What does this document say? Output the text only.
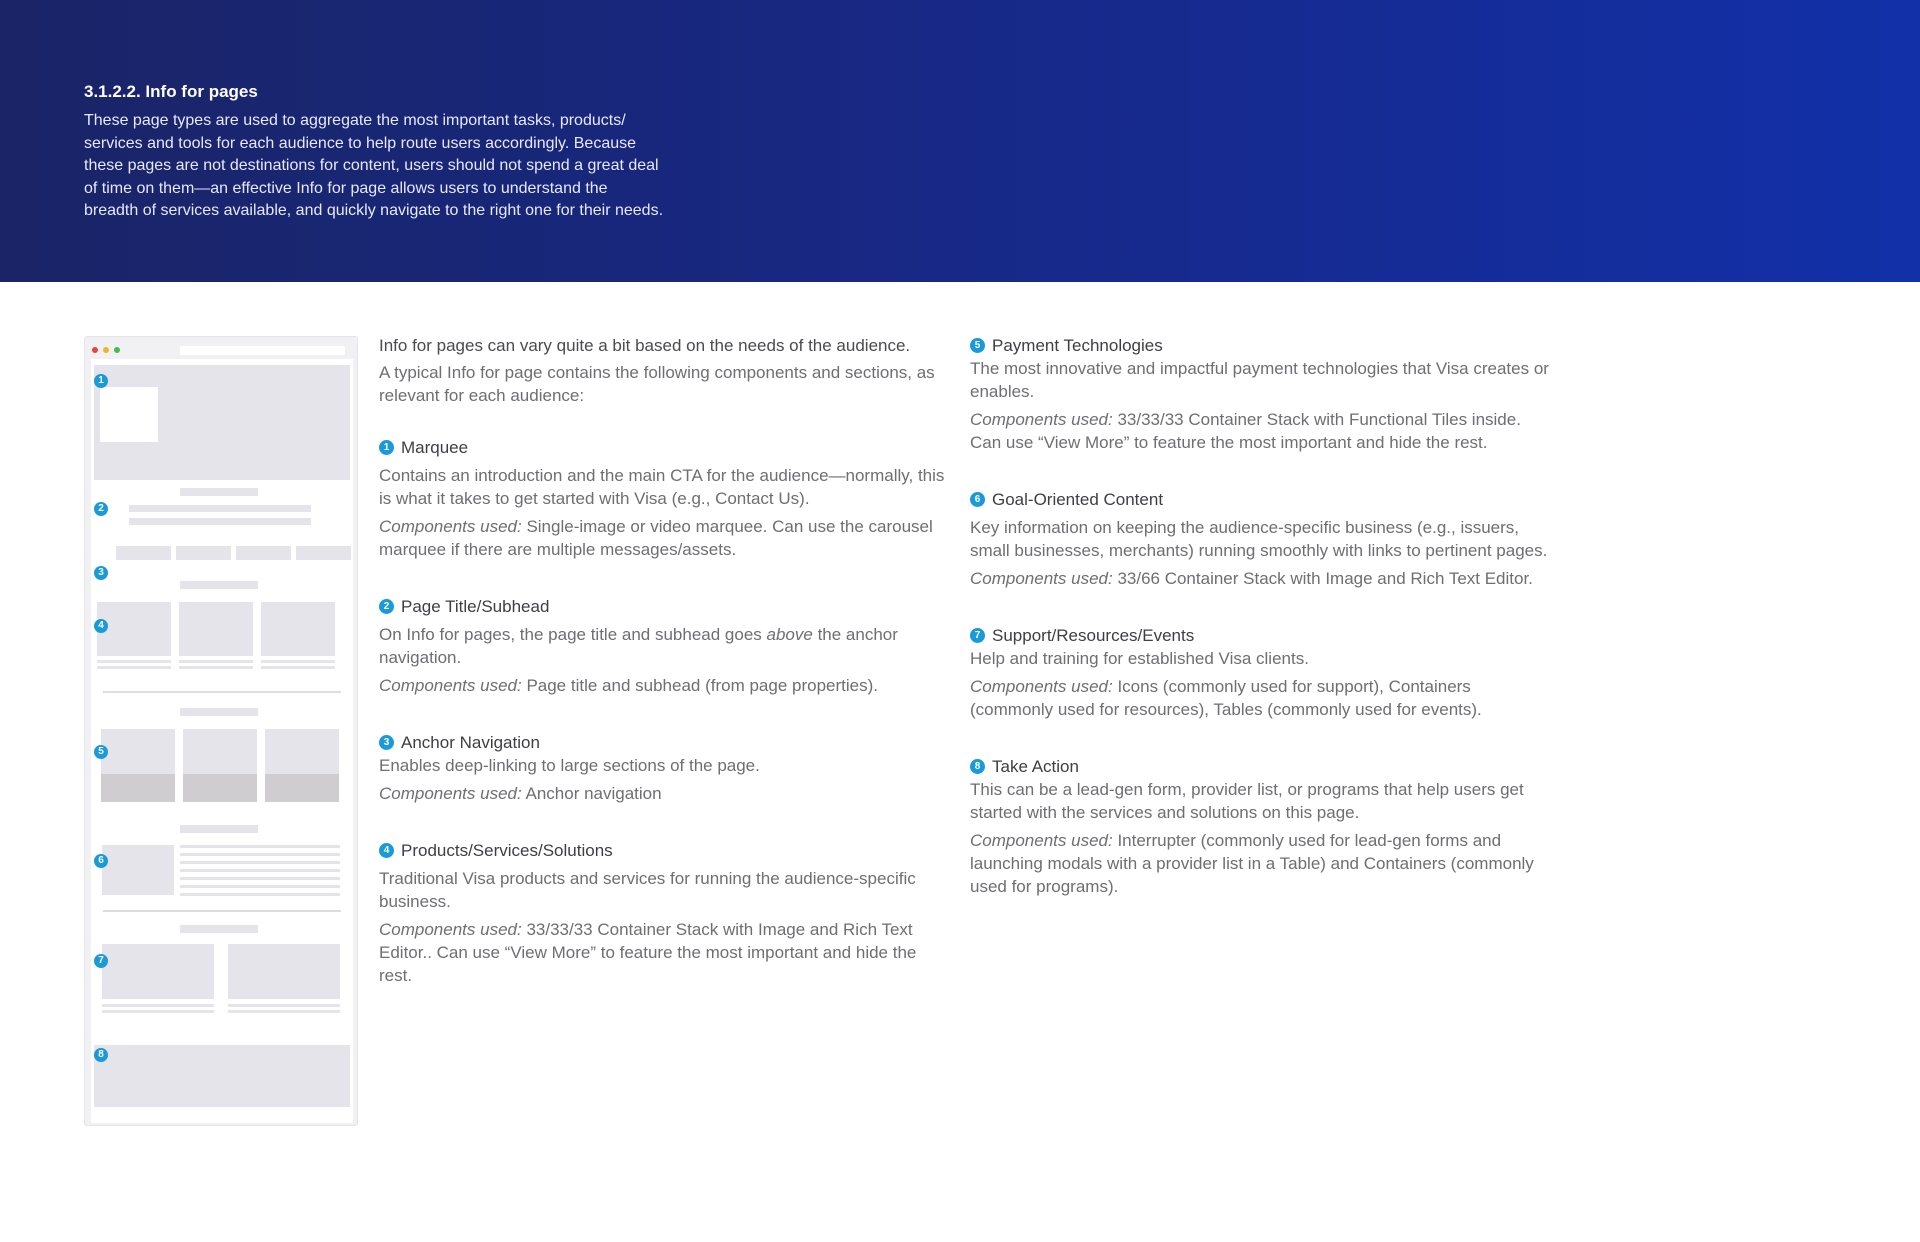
3.1.2.2. Info for pages
These page types are used to aggregate the most important tasks, products/ services and tools for each audience to help route users accordingly. Because these pages are not destinations for content, users should not spend a great deal of time on them—an effective Info for page allows users to understand the breadth of services available, and quickly navigate to the right one for their needs.
1
2
3
4
5
6
7
8
Info for pages can vary quite a bit based on the needs of the audience.
A typical Info for page contains the following components and sections, as relevant for each audience:
1 Marquee
Contains an introduction and the main CTA for the audience—normally, this is what it takes to get started with Visa (e.g., Contact Us).
Components used: Single-image or video marquee. Can use the carousel marquee if there are multiple messages/assets.
2 Page Title/Subhead
On Info for pages, the page title and subhead goes above the anchor navigation.
Components used: Page title and subhead (from page properties).
3 Anchor Navigation
Enables deep-linking to large sections of the page.
Components used: Anchor navigation
4 Products/Services/Solutions
Traditional Visa products and services for running the audience-specific business.
Components used: 33/33/33 Container Stack with Image and Rich Text Editor.. Can use “View More” to feature the most important and hide the rest.
5 Payment Technologies
The most innovative and impactful payment technologies that Visa creates or enables.
Components used: 33/33/33 Container Stack with Functional Tiles inside. Can use “View More” to feature the most important and hide the rest.
6 Goal-Oriented Content
Key information on keeping the audience-specific business (e.g., issuers, small businesses, merchants) running smoothly with links to pertinent pages.
Components used: 33/66 Container Stack with Image and Rich Text Editor.
7 Support/Resources/Events
Help and training for established Visa clients.
Components used: Icons (commonly used for support), Containers (commonly used for resources), Tables (commonly used for events).
8 Take Action
This can be a lead-gen form, provider list, or programs that help users get started with the services and solutions on this page.
Components used: Interrupter (commonly used for lead-gen forms and launching modals with a provider list in a Table) and Containers (commonly used for programs).
